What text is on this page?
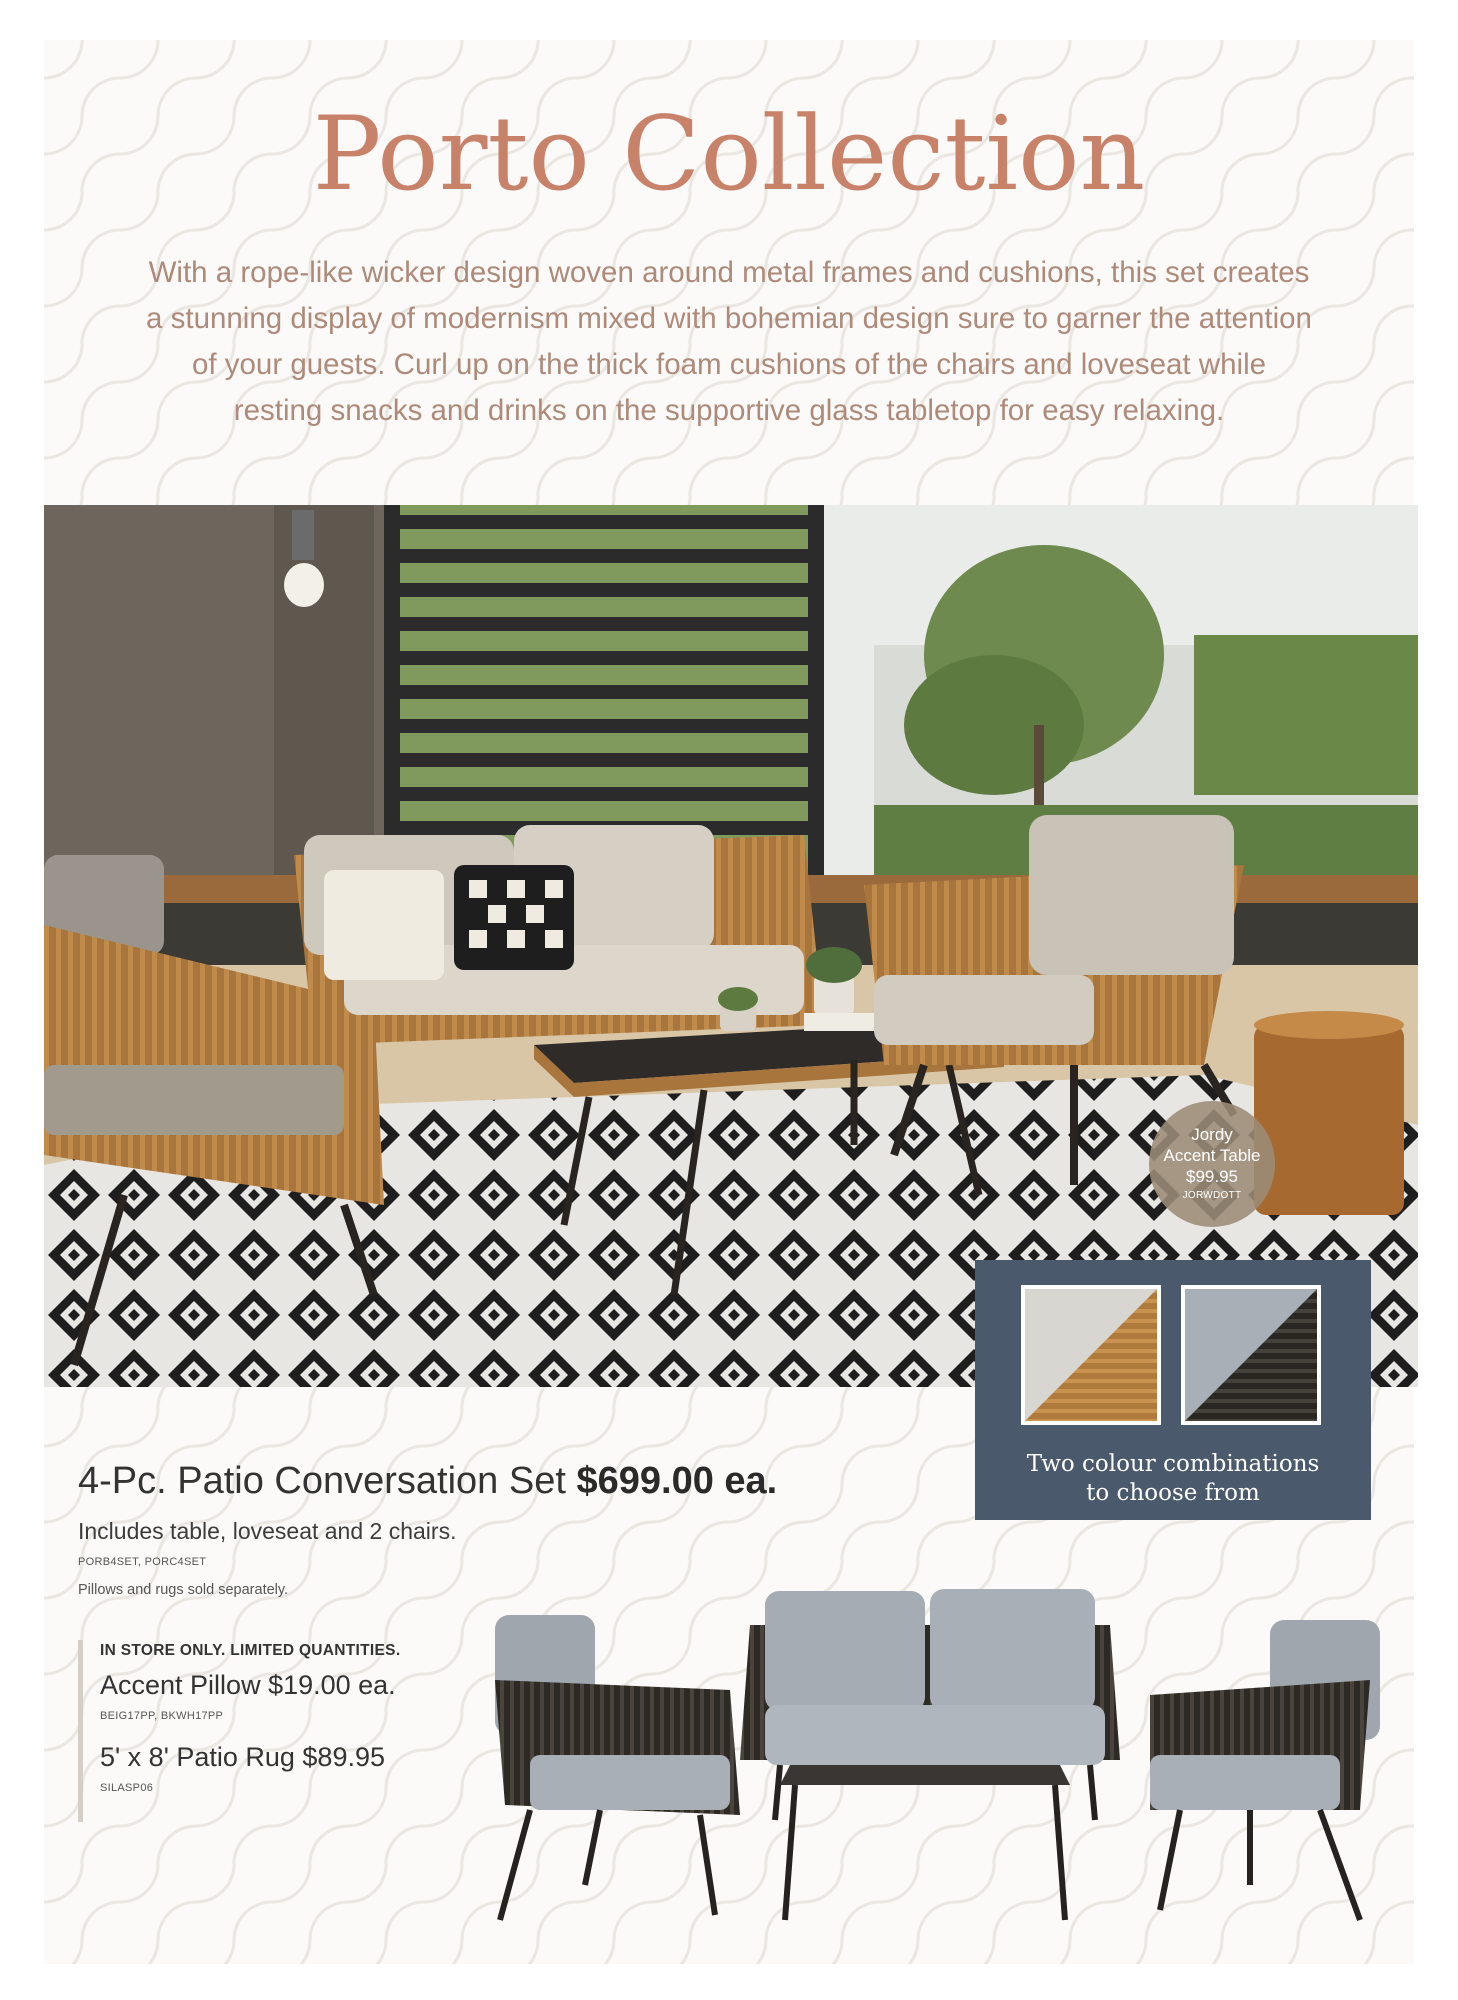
Porto Collection
With a rope-like wicker design woven around metal frames and cushions, this set creates
a stunning display of modernism mixed with bohemian design sure to garner the attention
of your guests. Curl up on the thick foam cushions of the chairs and loveseat while
resting snacks and drinks on the supportive glass tabletop for easy relaxing.
Jordy
Accent Table
$99.95
JORWDOTT
Two colour combinations
to choose from
4-Pc. Patio Conversation Set $699.00 ea.
Includes table, loveseat and 2 chairs.
PORB4SET, PORC4SET
Pillows and rugs sold separately.
IN STORE ONLY. LIMITED QUANTITIES.
Accent Pillow $19.00 ea.
BEIG17PP, BKWH17PP
5' x 8' Patio Rug $89.95
SILASP06
